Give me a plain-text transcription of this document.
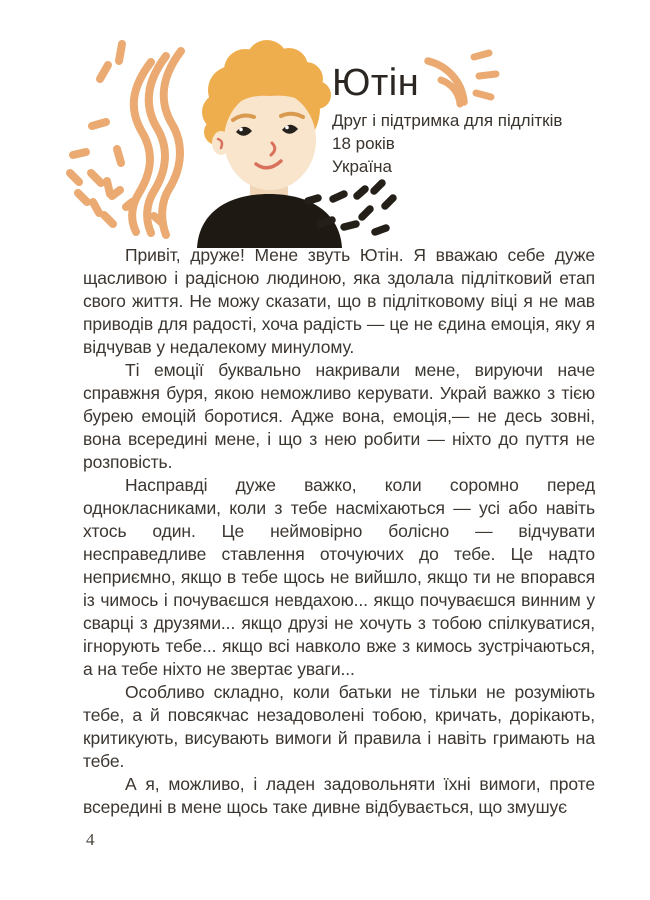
Ютін
Друг і підтримка для підлітків
18 років
Україна

Привіт, друже! Мене звуть Ютін. Я вважаю себе дуже щасливою і радісною людиною, яка здолала підлітковий етап свого життя. Не можу сказати, що в підлітковому віці я не мав приводів для радості, хоча радість — це не єдина емоція, яку я відчував у недалекому минулому.

Ті емоції буквально накривали мене, вируючи наче справжня буря, якою неможливо керувати. Украй важко з тією бурею емоцій боротися. Адже вона, емоція,— не десь зовні, вона всередині мене, і що з нею робити — ніхто до пуття не розповість.

Насправді дуже важко, коли соромно перед однокласниками, коли з тебе насміхаються — усі або навіть хтось один. Це неймовірно болісно — відчувати несправедливе ставлення оточуючих до тебе. Це надто неприємно, якщо в тебе щось не вийшло, якщо ти не впорався із чимось і почуваєшся невдахою... якщо почуваєшся винним у сварці з друзями... якщо друзі не хочуть з тобою спілкуватися, ігнорують тебе... якщо всі навколо вже з кимось зустрічаються, а на тебе ніхто не звертає уваги...

Особливо складно, коли батьки не тільки не розуміють тебе, а й повсякчас незадоволені тобою, кричать, дорікають, критикують, висувають вимоги й правила і навіть гримають на тебе.

А я, можливо, і ладен задовольняти їхні вимоги, проте всередині в мене щось таке дивне відбувається, що змушує

4
